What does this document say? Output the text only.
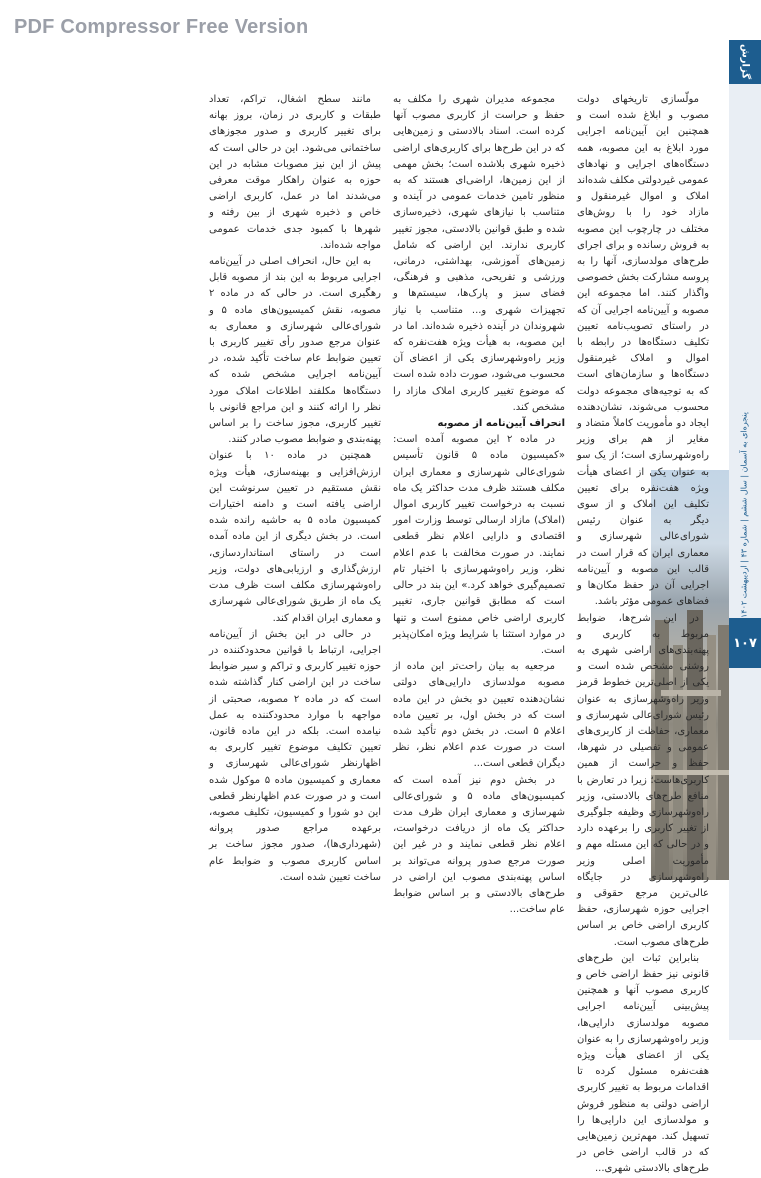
PDF Compressor Free Version
گزارش
پنجره‌ای به آسمان | سال ششم | شماره ۴۳ | اردیبهشت ۱۴۰۲
۱۰۷

مولّسازی تاریخهای دولت مصوب و ابلاغ شده است و همچنین این آیین‌نامه اجرایی مورد ابلاغ به این مصوبه، همه دستگاه‌های اجرایی و نهادهای عمومی غیردولتی مکلف شده‌اند املاک و اموال غیرمنقول و مازاد خود را با روش‌های مختلف در چارچوب این مصوبه به فروش رسانده و برای اجرای طرح‌های مولدسازی، آنها را به پروسه مشارکت بخش خصوصی واگذار کنند. اما مجموعه این مصوبه و آیین‌نامه اجرایی آن که در راستای تصویب‌نامه تعیین تکلیف دستگاه‌ها در رابطه با اموال و املاک غیرمنقول دستگاه‌ها و سازمان‌های است که به توجیه‌های مجموعه دولت محسوب می‌شوند، نشان‌دهنده ایجاد دو مأموریت کاملاً متضاد و مغایر از هم برای وزیر راه‌وشهرسازی است؛ از یک سو به عنوان یکی از اعضای هیأت ویژه هفت‌نفره برای تعیین تکلیف این املاک و از سوی دیگر به عنوان رئیس شورای‌عالی شهرسازی و معماری ایران که قرار است در قالب این مصوبه و آیین‌نامه اجرایی آن در حفظ مکان‌ها و فضاهای عمومی مؤثر باشد.

در این شرح‌ها، ضوابط مربوط به کاربری و پهنه‌بندی‌های اراضی شهری به روشنی مشخص شده است و یکی از اصلی‌ترین خطوط قرمز وزیر راه‌وشهرسازی به عنوان رئیس شورای‌عالی شهرسازی و معماری، حفاظت از کاربری‌های عمومی و تفصیلی در شهرها، حفظ و حراست از همین کاربری‌هاست؛ زیرا در تعارض با منافع طرح‌های بالادستی، وزیر راه‌وشهرسازی وظیفه جلوگیری از تغییر کاربری را برعهده دارد و در حالی که این مسئله مهم و مأموریت اصلی وزیر راه‌وشهرسازی در جایگاه عالی‌ترین مرجع حقوقی و اجرایی حوزه شهرسازی، حفظ کاربری اراضی خاص بر اساس طرح‌های مصوب است.

بنابراین ثبات این طرح‌های قانونی نیز حفظ اراضی خاص و کاربری مصوب آنها و همچنین پیش‌بینی آیین‌نامه اجرایی مصوبه مولدسازی دارایی‌ها، وزیر راه‌وشهرسازی را به عنوان یکی از اعضای هیأت ویژه هفت‌نفره مسئول کرده تا اقدامات مربوط به تغییر کاربری اراضی دولتی به منظور فروش و مولدسازی این دارایی‌ها را تسهیل کند. مهم‌ترین زمین‌هایی که در قالب اراضی خاص در طرح‌های بالادستی شهری...

مجموعه مدیران شهری را مکلف به حفظ و حراست از کاربری مصوب آنها کرده است. اسناد بالادستی و زمین‌هایی که در این طرح‌ها برای کاربری‌های اراضی ذخیره شهری بلاشده است؛ بخش مهمی از این زمین‌ها، اراضی‌ای هستند که به منظور تامین خدمات عمومی در آینده و متناسب با نیازهای شهری، ذخیره‌سازی شده و طبق قوانین بالادستی، مجوز تغییر کاربری ندارند. این اراضی که شامل زمین‌های آموزشی، بهداشتی، درمانی، ورزشی و تفریحی، مذهبی و فرهنگی، فضای سبز و پارک‌ها، سیستم‌ها و تجهیزات شهری و... متناسب با نیاز شهروندان در آینده ذخیره شده‌اند. اما در این مصوبه، به هیأت ویژه هفت‌نفره که وزیر راه‌وشهرسازی یکی از اعضای آن محسوب می‌شود، صورت داده شده است که موضوع تغییر کاربری املاک مازاد را مشخص کند.

انحراف آیین‌نامه از مصوبه

در ماده ۲ این مصوبه آمده است: «کمیسیون ماده ۵ قانون تأسیس شورای‌عالی شهرسازی و معماری ایران مکلف هستند ظرف مدت حداکثر یک ماه نسبت به درخواست تغییر کاربری اموال (املاک) مازاد ارسالی توسط وزارت امور اقتصادی و دارایی اعلام نظر قطعی نمایند. در صورت مخالفت با عدم اعلام نظر، وزیر راه‌وشهرسازی با اختیار تام تصمیم‌گیری خواهد کرد.» این بند در حالی است که مطابق قوانین جاری، تغییر کاربری اراضی خاص ممنوع است و تنها در موارد استثنا با شرایط ویژه امکان‌پذیر است.

مرجعیه به بیان راحت‌تر این ماده از مصوبه مولدسازی دارایی‌های دولتی نشان‌دهنده تعیین دو بخش در این ماده است که در بخش اول، بر تعیین ماده اعلام ۵ است. در بخش دوم تأکید شده است در صورت عدم اعلام نظر، نظر دیگران قطعی است...

در بخش دوم نیز آمده است که کمیسیون‌های ماده ۵ و شورای‌عالی شهرسازی و معماری ایران ظرف مدت حداکثر یک ماه از دریافت درخواست، اعلام نظر قطعی نمایند و در غیر این صورت مرجع صدور پروانه می‌تواند بر اساس پهنه‌بندی مصوب این اراضی در طرح‌های بالادستی و بر اساس ضوابط عام ساخت...

مانند سطح اشغال، تراکم، تعداد طبقات و کاربری در زمان، بروز بهانه برای تغییر کاربری و صدور مجوزهای ساختمانی می‌شود. این در حالی است که پیش از این نیز مصوبات مشابه در این حوزه به عنوان راهکار موقت معرفی می‌شدند اما در عمل، کاربری اراضی خاص و ذخیره شهری از بین رفته و شهرها با کمبود جدی خدمات عمومی مواجه شده‌اند.

به این حال، انحراف اصلی در آیین‌نامه اجرایی مربوط به این بند از مصوبه قابل رهگیری است. در حالی که در ماده ۲ مصوبه، نقش کمیسیون‌های ماده ۵ و شورای‌عالی شهرسازی و معماری به عنوان مرجع صدور رأی تغییر کاربری با تعیین ضوابط عام ساخت تأکید شده، در آیین‌نامه اجرایی مشخص شده که دستگاه‌ها مکلفند اطلاعات املاک مورد نظر را ارائه کنند و این مراجع قانونی با تغییر کاربری، مجوز ساخت را بر اساس پهنه‌بندی و ضوابط مصوب صادر کنند.

همچنین در ماده ۱۰ با عنوان ارزش‌افزایی و بهینه‌سازی، هیأت ویژه نقش مستقیم در تعیین سرنوشت این اراضی یافته است و دامنه اختیارات کمیسیون ماده ۵ به حاشیه رانده شده است. در بخش دیگری از این ماده آمده است در راستای استانداردسازی، ارزش‌گذاری و ارزیابی‌های دولت، وزیر راه‌وشهرسازی مکلف است ظرف مدت یک ماه از طریق شورای‌عالی شهرسازی و معماری ایران اقدام کند.

در حالی در این بخش از آیین‌نامه اجرایی، ارتباط با قوانین محدودکننده در حوزه تغییر کاربری و تراکم و سیر ضوابط ساخت در این اراضی کنار گذاشته شده است که در ماده ۲ مصوبه، صحبتی از مواجهه با موارد محدودکننده به عمل نیامده است. بلکه در این ماده قانون، تعیین تکلیف موضوع تغییر کاربری به اظهارنظر شورای‌عالی شهرسازی و معماری و کمیسیون ماده ۵ موکول شده است و در صورت عدم اظهارنظر قطعی این دو شورا و کمیسیون، تکلیف مصوبه، برعهده مراجع صدور پروانه (شهرداری‌ها)، صدور مجوز ساخت بر اساس کاربری مصوب و ضوابط عام ساخت تعیین شده است.
